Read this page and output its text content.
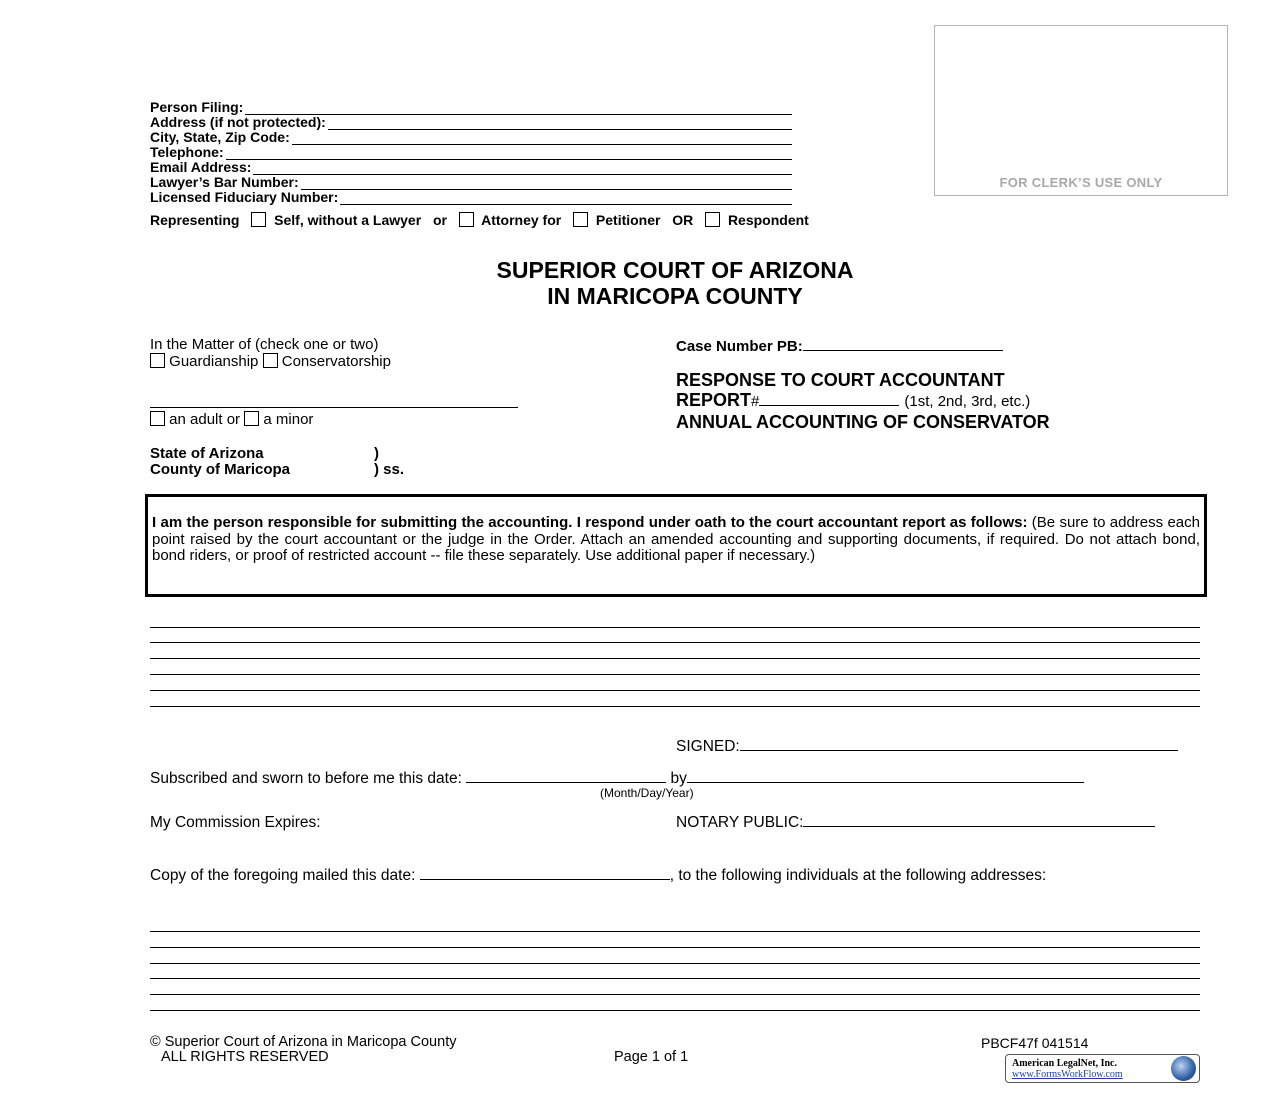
FOR CLERK’S USE ONLY
Person Filing:
Address (if not protected):
City, State, Zip Code:
Telephone:
Email Address:
Lawyer’s Bar Number:
Licensed Fiduciary Number:
Representing Self, without a Lawyer or Attorney for Petitioner OR Respondent
SUPERIOR COURT OF ARIZONA
IN MARICOPA COUNTY
In the Matter of (check one or two)
Guardianship Conservatorship
an adult or a minor
Case Number PB:
RESPONSE TO COURT ACCOUNTANT
REPORT#	(1st, 2nd, 3rd, etc.)
ANNUAL ACCOUNTING OF CONSERVATOR
State of Arizona	)
County of Maricopa	) ss.
I am the person responsible for submitting the accounting. I respond under oath to the court accountant report as follows: (Be sure to address each point raised by the court accountant or the judge in the Order. Attach an amended accounting and supporting documents, if required. Do not attach bond, bond riders, or proof of restricted account -- file these separately. Use additional paper if necessary.)
SIGNED:
Subscribed and sworn to before me this date:	by
(Month/Day/Year)
My Commission Expires:	NOTARY PUBLIC:
Copy of the foregoing mailed this date:	, to the following individuals at the following addresses:
© Superior Court of Arizona in Maricopa County
ALL RIGHTS RESERVED	Page 1 of 1
PBCF47f 041514
American LegalNet, Inc.
www.FormsWorkFlow.com
